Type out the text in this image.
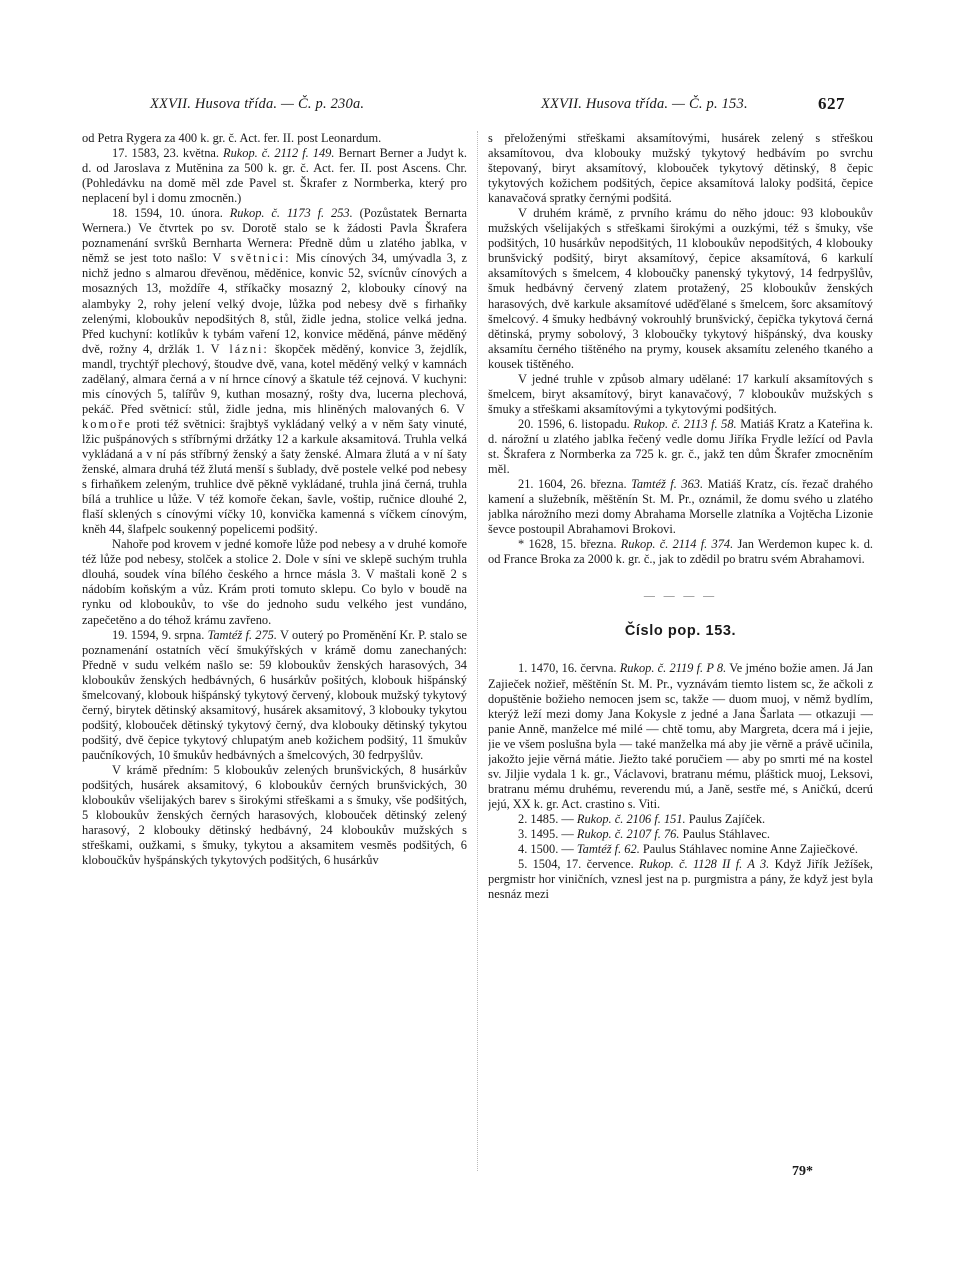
XXVII. Husova třída. — Č. p. 230a.	XXVII. Husova třída. — Č. p. 153.	627

od Petra Rygera za 400 k. gr. č. Act. fer. II. post Leonardum.

17. 1583, 23. května. Rukop. č. 2112 f. 149. Bernart Berner a Judyt k. d. od Jaroslava z Mutěnina za 500 k. gr. č. Act. fer. II. post Ascens. Chr. (Pohledávku na domě měl zde Pavel st. Škrafer z Normberka, který pro neplacení byl i domu zmocněn.)

18. 1594, 10. února. Rukop. č. 1173 f. 253. (Pozůstatek Bernarta Wernera.) Ve čtvrtek po sv. Dorotě stalo se k žádosti Pavla Škrafera poznamenání svršků Bernharta Wernera: Předně dům u zlatého jablka, v němž se jest toto našlo: V světnici: Mis cínových 34, umývadla 3, z nichž jedno s almarou dřevěnou, měděnice, konvic 52, svícnův cínových a mosazných 13, moždíře 4, stříkačky mosazný 2, klobouky cínový na alambyky 2, rohy jelení velký dvoje, lůžka pod nebesy dvě s firhaňky zelenými, kloboukův nepodšitých 8, stůl, židle jedna, stolice velká jedna. Před kuchyní: kotlíkův k tybám vaření 12, konvice měděná, pánve měděný dvě, rožny 4, držlák 1. V lázni: škopček měděný, konvice 3, žejdlík, mandl, trychtýř plechový, štoudve dvě, vana, kotel měděný velký v kamnách zadělaný, almara černá a v ní hrnce cínový a škatule též cejnová. V kuchyni: mis cínových 5, talířův 9, kuthan mosazný, rošty dva, lucerna plechová, pekáč. Před světnicí: stůl, židle jedna, mis hliněných malovaných 6. V komoře proti též světnici: šrajbtyš vykládaný velký a v něm šaty vinuté, lžic pušpánových s stříbrnými držátky 12 a karkule aksamitová. Truhla velká vykládaná a v ní pás stříbrný ženský a šaty ženské. Almara žlutá a v ní šaty ženské, almara druhá též žlutá menší s šublady, dvě postele velké pod nebesy s firhaňkem zeleným, truhlice dvě pěkně vykládané, truhla jiná černá, truhla bílá a truhlice u lůže. V též komoře čekan, šavle, voštip, ručnice dlouhé 2, flaší sklených s cínovými víčky 10, konvička kamenná s víčkem cínovým, kněh 44, šlafpelc soukenný popelicemi podšitý.

Nahoře pod krovem v jedné komoře lůže pod nebesy a v druhé komoře též lůže pod nebesy, stolček a stolice 2. Dole v síni ve sklepě suchým truhla dlouhá, soudek vína bílého českého a hrnce másla 3. V maštali koně 2 s nádobím koňským a vůz. Krám proti tomuto sklepu. Co bylo v boudě na rynku od kloboukův, to vše do jednoho sudu velkého jest vundáno, zapečetěno a do téhož krámu zavřeno.

19. 1594, 9. srpna. Tamtéž f. 275. V outerý po Proměnění Kr. P. stalo se poznamenání ostatních věcí šmukýřských v krámě domu zanechaných: Předně v sudu velkém našlo se: 59 kloboukův ženských harasových, 34 kloboukův ženských hedbávných, 6 husárkův pošitých, klobouk hišpánský šmelcovaný, klobouk hišpánský tykytový červený, klobouk mužský tykytový černý, birytek dětinský aksamitový, husárek aksamitový, 3 klobouky tykytou podšitý, klobouček dětinský tykytový černý, dva klobouky dětinský tykytou podšitý, dvě čepice tykytový chlupatým aneb kožichem podšitý, 11 šmukův paučníkových, 10 šmukův hedbávných a šmelcových, 30 fedrpyšlův.

V krámě předním: 5 kloboukův zelených brunšvických, 8 husárkův podšitých, husárek aksamitový, 6 kloboukův černých brunšvických, 30 kloboukův všelijakých barev s širokými střeškami a s šmuky, vše podšitých, 5 kloboukův ženských černých harasových, klobouček dětinský zelený harasový, 2 klobouky dětinský hedbávný, 24 kloboukův mužských s střeškami, oužkami, s šmuky, tykytou a aksamitem vesměs podšitých, 6 kloboučkův hyšpánských tykytových podšitých, 6 husárkův

s přeloženými střeškami aksamítovými, husárek zelený s střeškou aksamítovou, dva klobouky mužský tykytový hedbávím po svrchu štepovaný, biryt aksamítový, klobouček tykytový dětinský, 8 čepic tykytových kožichem podšitých, čepice aksamítová laloky podšitá, čepice kanavačová spratky černými podšitá.

V druhém krámě, z prvního krámu do něho jdouc: 93 kloboukův mužských všelijakých s střeškami širokými a ouzkými, též s šmuky, vše podšitých, 10 husárkův nepodšitých, 11 kloboukův nepodšitých, 4 klobouky brunšvický podšitý, biryt aksamítový, čepice aksamítová, 6 karkulí aksamítových s šmelcem, 4 kloboučky panenský tykytový, 14 fedrpyšlův, šmuk hedbávný červený zlatem protažený, 25 kloboukův ženských harasových, dvě karkule aksamítové uděďělané s šmelcem, šorc aksamítový šmelcový. 4 šmuky hedbávný vokrouhlý brunšvický, čepička tykytová černá dětinská, prymy sobolový, 3 kloboučky tykytový hišpánský, dva kousky aksamítu černého tištěného na prymy, kousek aksamítu zeleného tkaného a kousek tištěného.

V jedné truhle v způsob almary udělané: 17 karkulí aksamítových s šmelcem, biryt aksamítový, biryt kanavačový, 7 kloboukův mužských s šmuky a střeškami aksamítovými a tykytovými podšitých.

20. 1596, 6. listopadu. Rukop. č. 2113 f. 58. Matiáš Kratz a Kateřina k. d. nárožní u zlatého jablka řečený vedle domu Jiříka Frydle ležící od Pavla st. Škrafera z Normberka za 725 k. gr. č., jakž ten dům Škrafer zmocněním měl.

21. 1604, 26. března. Tamtéž f. 363. Matiáš Kratz, cís. řezač drahého kamení a služebník, měštěnín St. M. Pr., oznámil, že domu svého u zlatého jablka nárožního mezi domy Abrahama Morselle zlatníka a Vojtěcha Lizonie ševce postoupil Abrahamovi Brokovi.

* 1628, 15. března. Rukop. č. 2114 f. 374. Jan Werdemon kupec k. d. od France Broka za 2000 k. gr. č., jak to zdědil po bratru svém Abrahamovi.

— — — —
Číslo pop. 153.

1. 1470, 16. června. Rukop. č. 2119 f. P 8. Ve jméno božie amen. Já Jan Zajieček nožieř, měštěnín St. M. Pr., vyznávám tiemto listem sc, že ačkoli z dopuštěnie božieho nemocen jsem sc, takže — duom muoj, v němž bydlím, kterýž leží mezi domy Jana Kokysle z jedné a Jana Šarlata — otkazuji — panie Anně, manželce mé milé — chtě tomu, aby Margreta, dcera má i jejie, jie ve všem poslušna byla — také manželka má aby jie věrně a právě učinila, jakožto jejie věrná mátie. Jiežto také poručiem — aby po smrti mé na kostel sv. Jiljie vydala 1 k. gr., Václavovi, bratranu mému, pláštick muoj, Leksovi, bratranu mému druhému, reverendu mú, a Janě, sestře mé, s Aničkú, dcerú jejú, XX k. gr. Act. crastino s. Viti.

2. 1485. — Rukop. č. 2106 f. 151. Paulus Zajíček.

3. 1495. — Rukop. č. 2107 f. 76. Paulus Stáhlavec.

4. 1500. — Tamtéž f. 62. Paulus Stáhlavec nomine Anne Zajiečkové.

5. 1504, 17. července. Rukop. č. 1128 II f. A 3. Když Jiřík Ježíšek, pergmistr hor viničních, vznesl jest na p. purgmistra a pány, že když jest byla nesnáz mezi

79*
